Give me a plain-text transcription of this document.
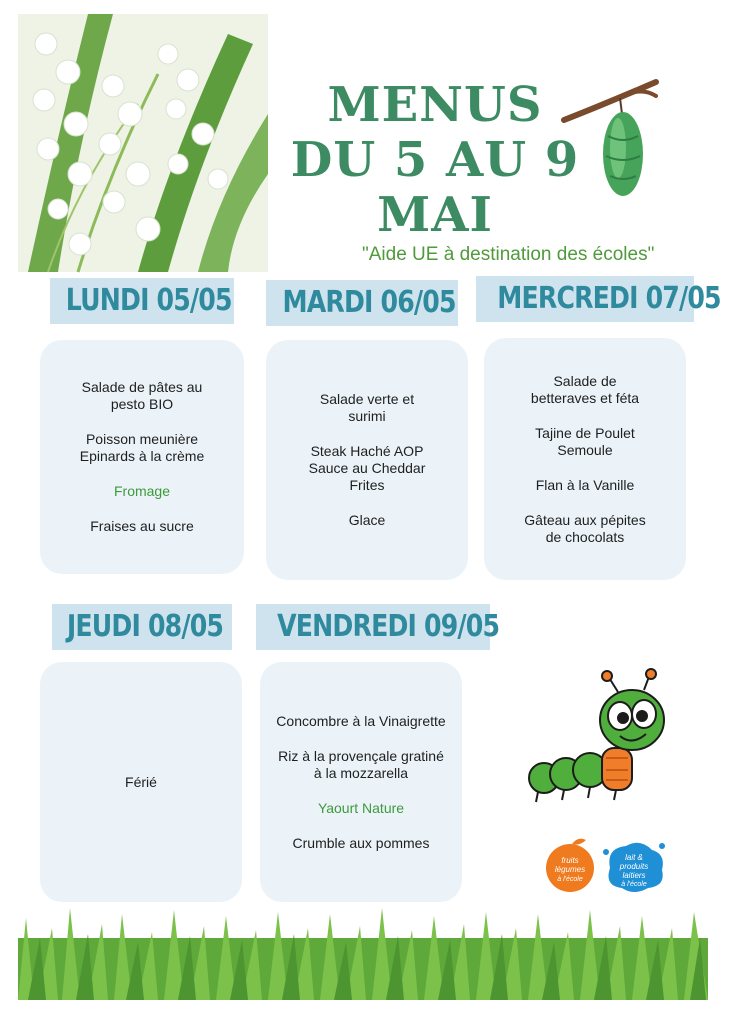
MENUS
DU 5 AU 9
MAI
"Aide UE à destination des écoles"
LUNDI 05/05	MARDI 06/05	MERCREDI 07/05
JEUDI 08/05	VENDREDI 09/05
Salade de pâtes au
pesto BIO
Poisson meunière
Epinards à la crème
Fromage
Fraises au sucre
Salade verte et
surimi
Steak Haché AOP
Sauce au Cheddar
Frites
Glace
Salade de
betteraves et féta
Tajine de Poulet
Semoule
Flan à la Vanille
Gâteau aux pépites
de chocolats
Férié
Concombre à la Vinaigrette
Riz à la provençale gratiné
à la mozzarella
Yaourt Nature
Crumble aux pommes
fruits
légumes
à l'école
lait &
produits
laitiers
à l'école
